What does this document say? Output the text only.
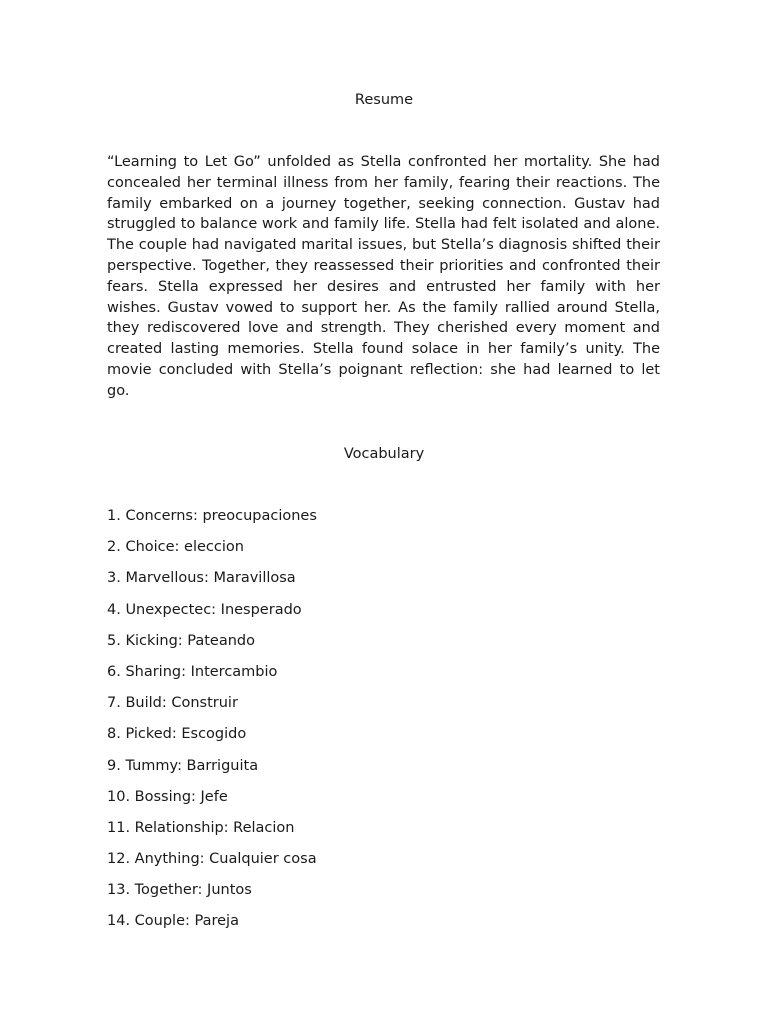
Resume

“Learning to Let Go” unfolded as Stella confronted her mortality. She had concealed her terminal illness from her family, fearing their reactions. The family embarked on a journey together, seeking connection. Gustav had struggled to balance work and family life. Stella had felt isolated and alone. The couple had navigated marital issues, but Stella’s diagnosis shifted their perspective. Together, they reassessed their priorities and confronted their fears. Stella expressed her desires and entrusted her family with her wishes. Gustav vowed to support her. As the family rallied around Stella, they rediscovered love and strength. They cherished every moment and created lasting memories. Stella found solace in her family’s unity. The movie concluded with Stella’s poignant reflection: she had learned to let go.

Vocabulary
1. Concerns: preocupaciones
2. Choice: eleccion
3. Marvellous: Maravillosa
4. Unexpectec: Inesperado
5. Kicking: Pateando
6. Sharing: Intercambio
7. Build: Construir
8. Picked: Escogido
9. Tummy: Barriguita
10. Bossing: Jefe
11. Relationship: Relacion
12. Anything: Cualquier cosa
13. Together: Juntos
14. Couple: Pareja
